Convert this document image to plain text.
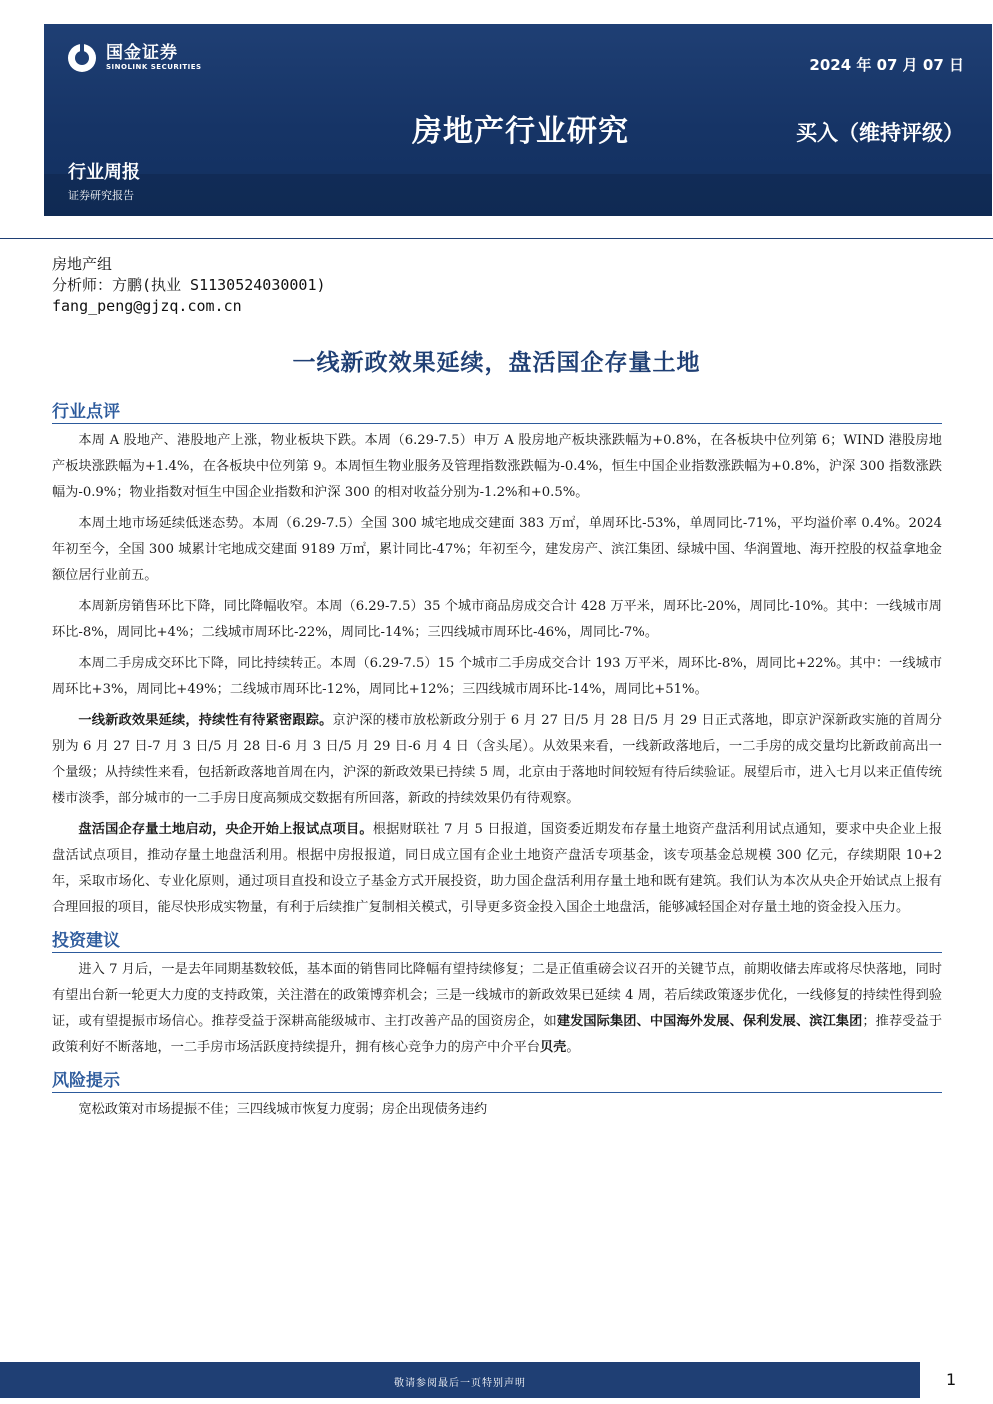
国金证券
SINOLINK SECURITIES	2024 年 07 月 07 日
房地产行业研究	买入（维持评级）
行业周报
证券研究报告
房地产组
分析师：方鹏(执业 S1130524030001)
fang_peng@gjzq.com.cn
一线新政效果延续，盘活国企存量土地
行业点评

本周 A 股地产、港股地产上涨，物业板块下跌。本周（6.29-7.5）申万 A 股房地产板块涨跌幅为+0.8%，在各板块中位列第 6；WIND 港股房地产板块涨跌幅为+1.4%，在各板块中位列第 9。本周恒生物业服务及管理指数涨跌幅为-0.4%，恒生中国企业指数涨跌幅为+0.8%，沪深 300 指数涨跌幅为-0.9%；物业指数对恒生中国企业指数和沪深 300 的相对收益分别为-1.2%和+0.5%。

本周土地市场延续低迷态势。本周（6.29-7.5）全国 300 城宅地成交建面 383 万㎡，单周环比-53%，单周同比-71%，平均溢价率 0.4%。2024 年初至今，全国 300 城累计宅地成交建面 9189 万㎡，累计同比-47%；年初至今，建发房产、滨江集团、绿城中国、华润置地、海开控股的权益拿地金额位居行业前五。

本周新房销售环比下降，同比降幅收窄。本周（6.29-7.5）35 个城市商品房成交合计 428 万平米，周环比-20%，周同比-10%。其中：一线城市周环比-8%，周同比+4%；二线城市周环比-22%，周同比-14%；三四线城市周环比-46%，周同比-7%。

本周二手房成交环比下降，同比持续转正。本周（6.29-7.5）15 个城市二手房成交合计 193 万平米，周环比-8%，周同比+22%。其中：一线城市周环比+3%，周同比+49%；二线城市周环比-12%，周同比+12%；三四线城市周环比-14%，周同比+51%。

一线新政效果延续，持续性有待紧密跟踪。京沪深的楼市放松新政分别于 6 月 27 日/5 月 28 日/5 月 29 日正式落地，即京沪深新政实施的首周分别为 6 月 27 日-7 月 3 日/5 月 28 日-6 月 3 日/5 月 29 日-6 月 4 日（含头尾）。从效果来看，一线新政落地后，一二手房的成交量均比新政前高出一个量级；从持续性来看，包括新政落地首周在内，沪深的新政效果已持续 5 周，北京由于落地时间较短有待后续验证。展望后市，进入七月以来正值传统楼市淡季，部分城市的一二手房日度高频成交数据有所回落，新政的持续效果仍有待观察。

盘活国企存量土地启动，央企开始上报试点项目。根据财联社 7 月 5 日报道，国资委近期发布存量土地资产盘活利用试点通知，要求中央企业上报盘活试点项目，推动存量土地盘活利用。根据中房报报道，同日成立国有企业土地资产盘活专项基金，该专项基金总规模 300 亿元，存续期限 10+2 年，采取市场化、专业化原则，通过项目直投和设立子基金方式开展投资，助力国企盘活利用存量土地和既有建筑。我们认为本次从央企开始试点上报有合理回报的项目，能尽快形成实物量，有利于后续推广复制相关模式，引导更多资金投入国企土地盘活，能够减轻国企对存量土地的资金投入压力。

投资建议

进入 7 月后，一是去年同期基数较低，基本面的销售同比降幅有望持续修复；二是正值重磅会议召开的关键节点，前期收储去库或将尽快落地，同时有望出台新一轮更大力度的支持政策，关注潜在的政策博弈机会；三是一线城市的新政效果已延续 4 周，若后续政策逐步优化，一线修复的持续性得到验证，或有望提振市场信心。推荐受益于深耕高能级城市、主打改善产品的国资房企，如建发国际集团、中国海外发展、保利发展、滨江集团；推荐受益于政策利好不断落地，一二手房市场活跃度持续提升，拥有核心竞争力的房产中介平台贝壳。

风险提示

宽松政策对市场提振不佳；三四线城市恢复力度弱；房企出现债务违约

敬请参阅最后一页特别声明	1
